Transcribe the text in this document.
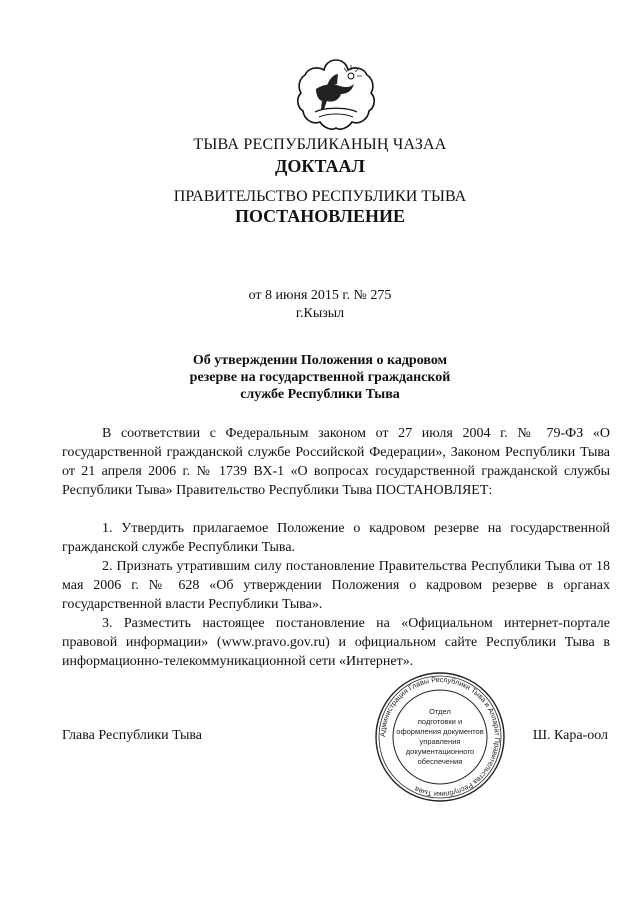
ТЫВА РЕСПУБЛИКАНЫҢ ЧАЗАА
ДОКТААЛ
ПРАВИТЕЛЬСТВО РЕСПУБЛИКИ ТЫВА
ПОСТАНОВЛЕНИЕ
от 8 июня 2015 г. № 275
г.Кызыл
Об утверждении Положения о кадровом
резерве на государственной гражданской
службе Республики Тыва

В соответствии с Федеральным законом от 27 июля 2004 г. № 79-ФЗ «О государственной гражданской службе Российской Федерации», Законом Республики Тыва от 21 апреля 2006 г. № 1739 ВХ-1 «О вопросах государственной гражданской службы Республики Тыва» Правительство Республики Тыва ПОСТАНОВЛЯЕТ:

1. Утвердить прилагаемое Положение о кадровом резерве на государственной гражданской службе Республики Тыва.

2. Признать утратившим силу постановление Правительства Республики Тыва от 18 мая 2006 г. № 628 «Об утверждении Положения о кадровом резерве в органах государственной власти Республики Тыва».

3. Разместить настоящее постановление на «Официальном интернет-портале правовой информации» (www.pravo.gov.ru) и официальном сайте Республики Тыва в информационно-телекоммуникационной сети «Интернет».

Глава Республики Тыва	Ш. Кара-оол
Администрация Главы Республики Тыва и Аппарат Правительства Республики Тыва
Отдел
подготовки и
оформления документов
управления
документационного
обеспечения
